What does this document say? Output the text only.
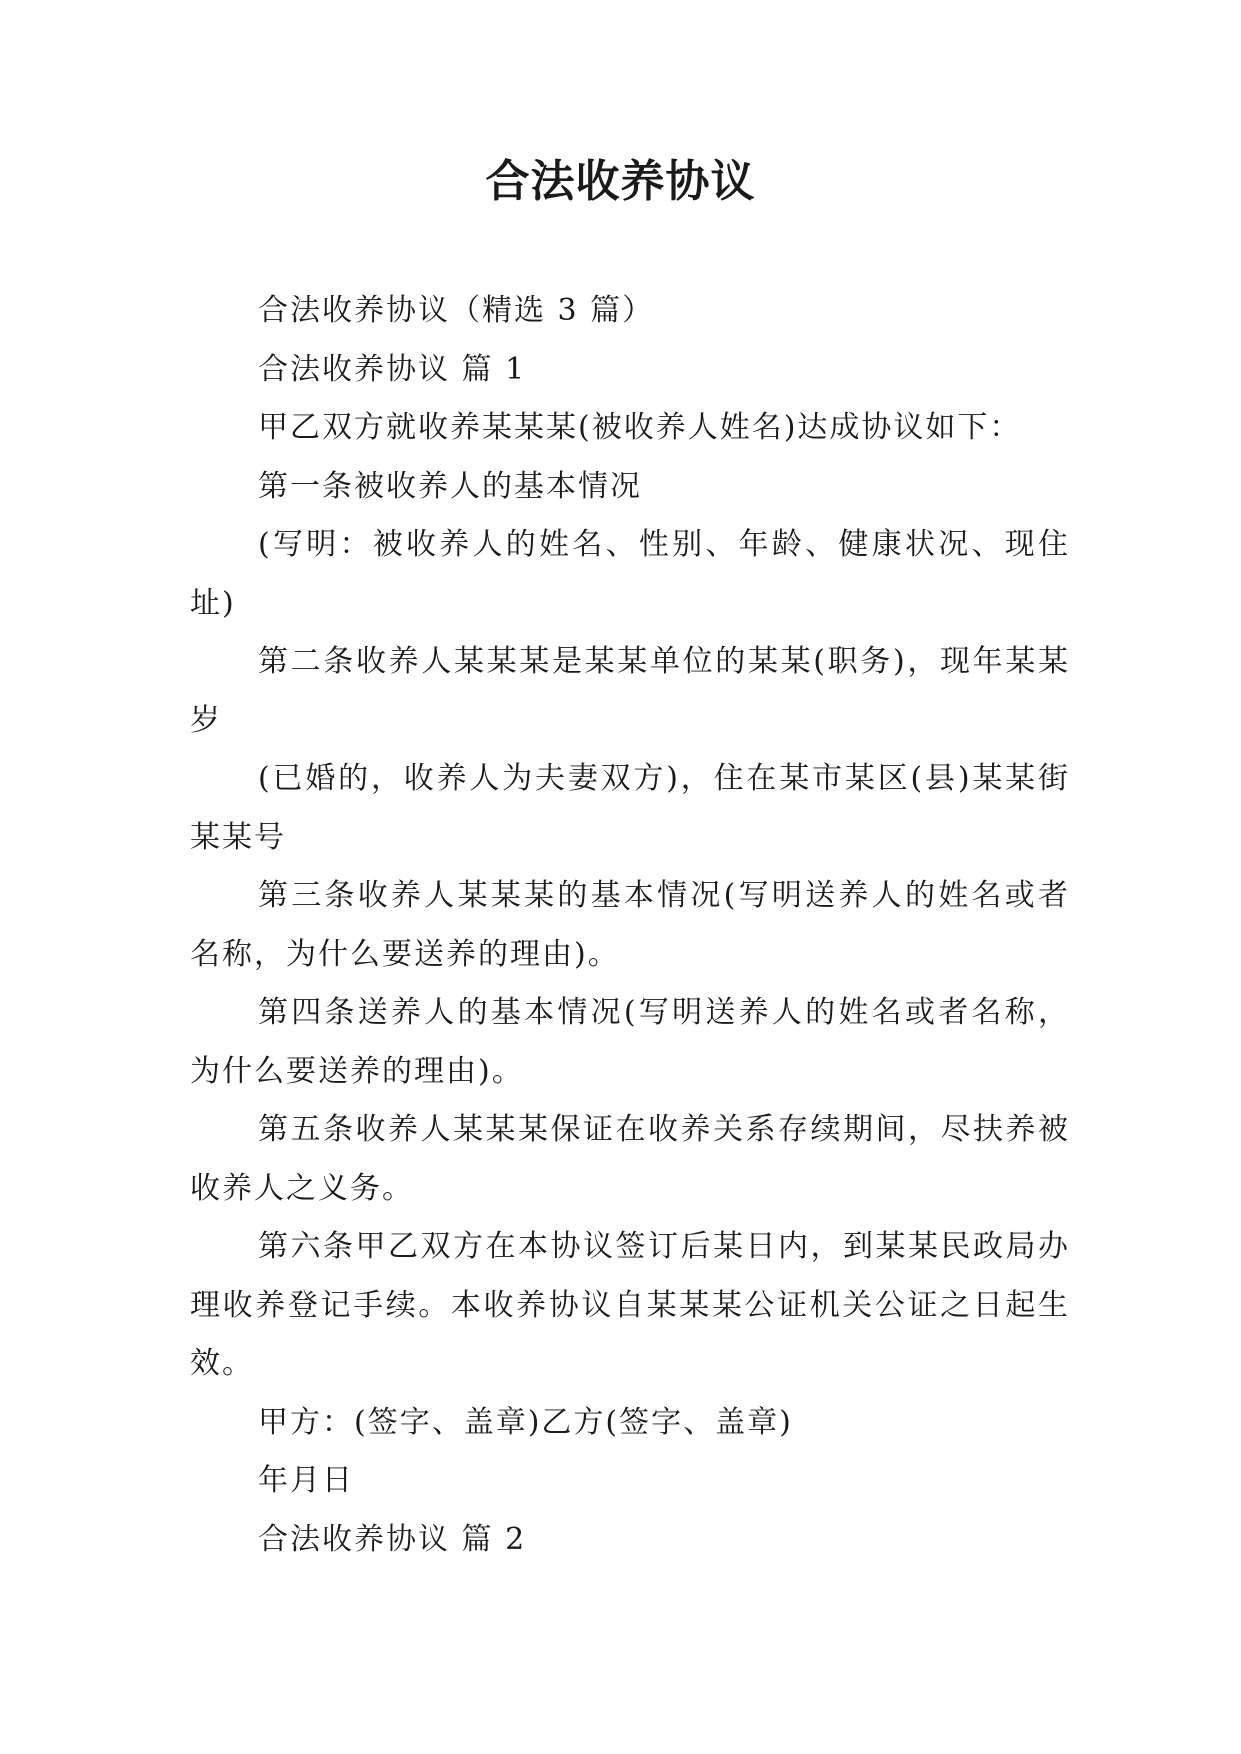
合法收养协议

合法收养协议（精选 3 篇）

合法收养协议 篇 1

甲乙双方就收养某某某(被收养人姓名)达成协议如下：

第一条被收养人的基本情况

(写明：被收养人的姓名、性别、年龄、健康状况、现住址)

第二条收养人某某某是某某单位的某某(职务)，现年某某岁

(已婚的，收养人为夫妻双方)，住在某市某区(县)某某街某某号

第三条收养人某某某的基本情况(写明送养人的姓名或者名称，为什么要送养的理由)。

第四条送养人的基本情况(写明送养人的姓名或者名称，为什么要送养的理由)。

第五条收养人某某某保证在收养关系存续期间，尽扶养被收养人之义务。

第六条甲乙双方在本协议签订后某日内，到某某民政局办理收养登记手续。本收养协议自某某某公证机关公证之日起生效。

甲方：(签字、盖章)乙方(签字、盖章)

年月日

合法收养协议 篇 2
